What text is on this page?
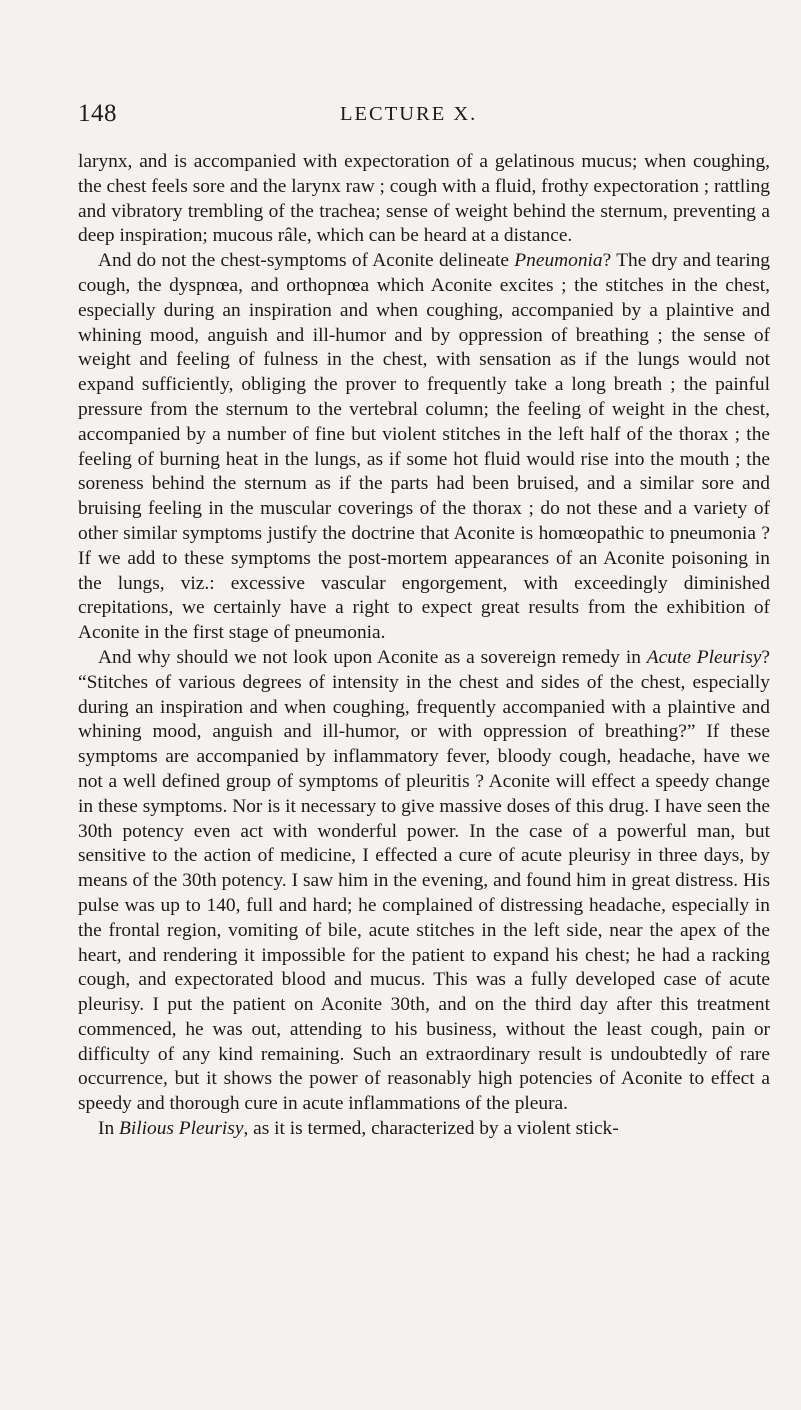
148	LECTURE X.

larynx, and is accompanied with expectoration of a gelatinous mucus; when coughing, the chest feels sore and the larynx raw ; cough with a fluid, frothy expectoration ; rattling and vibratory trembling of the trachea; sense of weight behind the sternum, preventing a deep inspiration; mucous râle, which can be heard at a distance.

And do not the chest-symptoms of Aconite delineate Pneumonia? The dry and tearing cough, the dyspnœa, and orthopnœa which Aconite excites ; the stitches in the chest, especially during an inspiration and when coughing, accompanied by a plaintive and whining mood, anguish and ill-humor and by oppression of breathing ; the sense of weight and feeling of fulness in the chest, with sensation as if the lungs would not expand sufficiently, obliging the prover to frequently take a long breath ; the painful pressure from the sternum to the vertebral column; the feeling of weight in the chest, accompanied by a number of fine but violent stitches in the left half of the thorax ; the feeling of burning heat in the lungs, as if some hot fluid would rise into the mouth ; the soreness behind the sternum as if the parts had been bruised, and a similar sore and bruising feeling in the muscular coverings of the thorax ; do not these and a variety of other similar symptoms justify the doctrine that Aconite is homœopathic to pneumonia ? If we add to these symptoms the post-mortem appearances of an Aconite poisoning in the lungs, viz.: excessive vascular engorgement, with exceedingly diminished crepitations, we certainly have a right to expect great results from the exhibition of Aconite in the first stage of pneumonia.

And why should we not look upon Aconite as a sovereign remedy in Acute Pleurisy? “Stitches of various degrees of intensity in the chest and sides of the chest, especially during an inspiration and when coughing, frequently accompanied with a plaintive and whining mood, anguish and ill-humor, or with oppression of breathing?” If these symptoms are accompanied by inflammatory fever, bloody cough, headache, have we not a well defined group of symptoms of pleuritis ? Aconite will effect a speedy change in these symptoms. Nor is it necessary to give massive doses of this drug. I have seen the 30th potency even act with wonderful power. In the case of a powerful man, but sensitive to the action of medicine, I effected a cure of acute pleurisy in three days, by means of the 30th potency. I saw him in the evening, and found him in great distress. His pulse was up to 140, full and hard; he complained of distressing headache, especially in the frontal region, vomiting of bile, acute stitches in the left side, near the apex of the heart, and rendering it impossible for the patient to expand his chest; he had a racking cough, and expectorated blood and mucus. This was a fully developed case of acute pleurisy. I put the patient on Aconite 30th, and on the third day after this treatment commenced, he was out, attending to his business, without the least cough, pain or difficulty of any kind remaining. Such an extraordinary result is undoubtedly of rare occurrence, but it shows the power of reasonably high potencies of Aconite to effect a speedy and thorough cure in acute inflammations of the pleura.

In Bilious Pleurisy, as it is termed, characterized by a violent stick-
